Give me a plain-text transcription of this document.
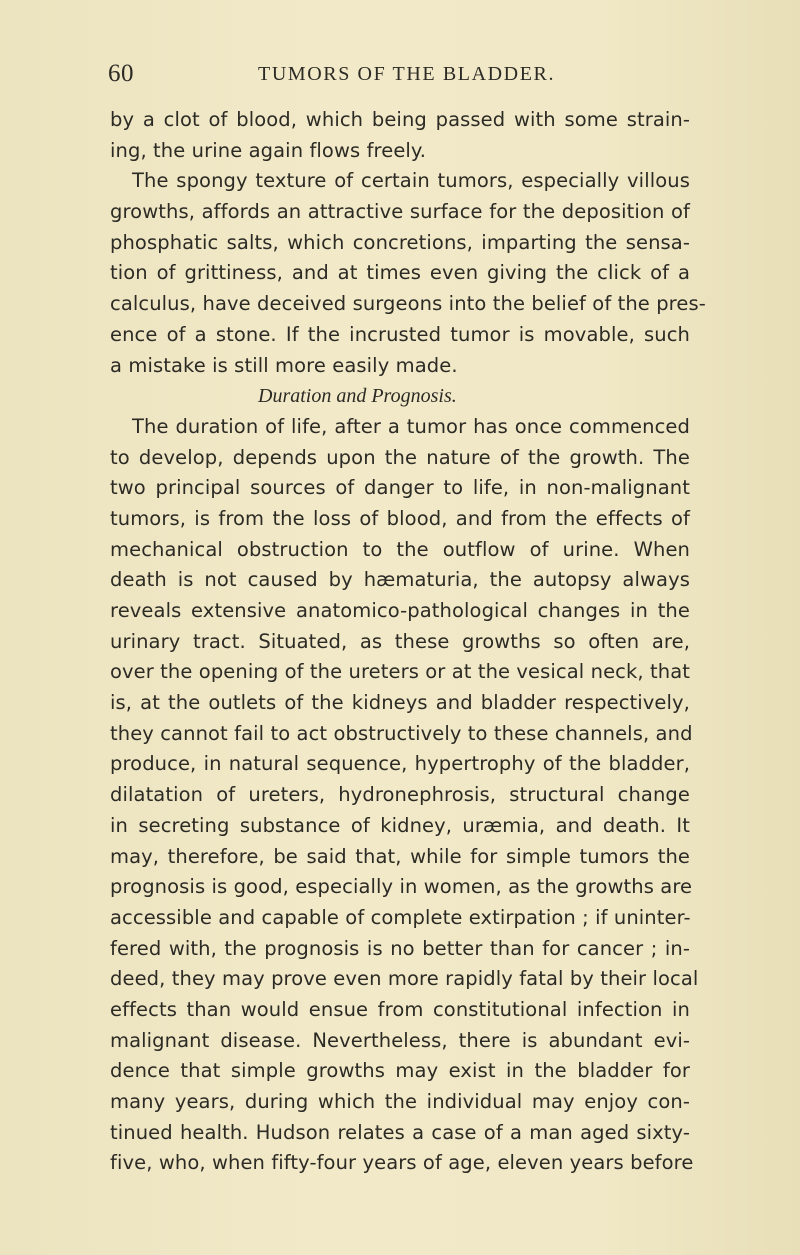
60	TUMORS OF THE BLADDER.
by a clot of blood, which being passed with some strain-
ing, the urine again flows freely.
The spongy texture of certain tumors, especially villous
growths, affords an attractive surface for the deposition of
phosphatic salts, which concretions, imparting the sensa-
tion of grittiness, and at times even giving the click of a
calculus, have deceived surgeons into the belief of the pres-
ence of a stone. If the incrusted tumor is movable, such
a mistake is still more easily made.
Duration and Prognosis.
The duration of life, after a tumor has once commenced
to develop, depends upon the nature of the growth. The
two principal sources of danger to life, in non-malignant
tumors, is from the loss of blood, and from the effects of
mechanical obstruction to the outflow of urine. When
death is not caused by hæmaturia, the autopsy always
reveals extensive anatomico-pathological changes in the
urinary tract. Situated, as these growths so often are,
over the opening of the ureters or at the vesical neck, that
is, at the outlets of the kidneys and bladder respectively,
they cannot fail to act obstructively to these channels, and
produce, in natural sequence, hypertrophy of the bladder,
dilatation of ureters, hydronephrosis, structural change
in secreting substance of kidney, uræmia, and death. It
may, therefore, be said that, while for simple tumors the
prognosis is good, especially in women, as the growths are
accessible and capable of complete extirpation ; if uninter-
fered with, the prognosis is no better than for cancer ; in-
deed, they may prove even more rapidly fatal by their local
effects than would ensue from constitutional infection in
malignant disease. Nevertheless, there is abundant evi-
dence that simple growths may exist in the bladder for
many years, during which the individual may enjoy con-
tinued health. Hudson relates a case of a man aged sixty-
five, who, when fifty-four years of age, eleven years before
